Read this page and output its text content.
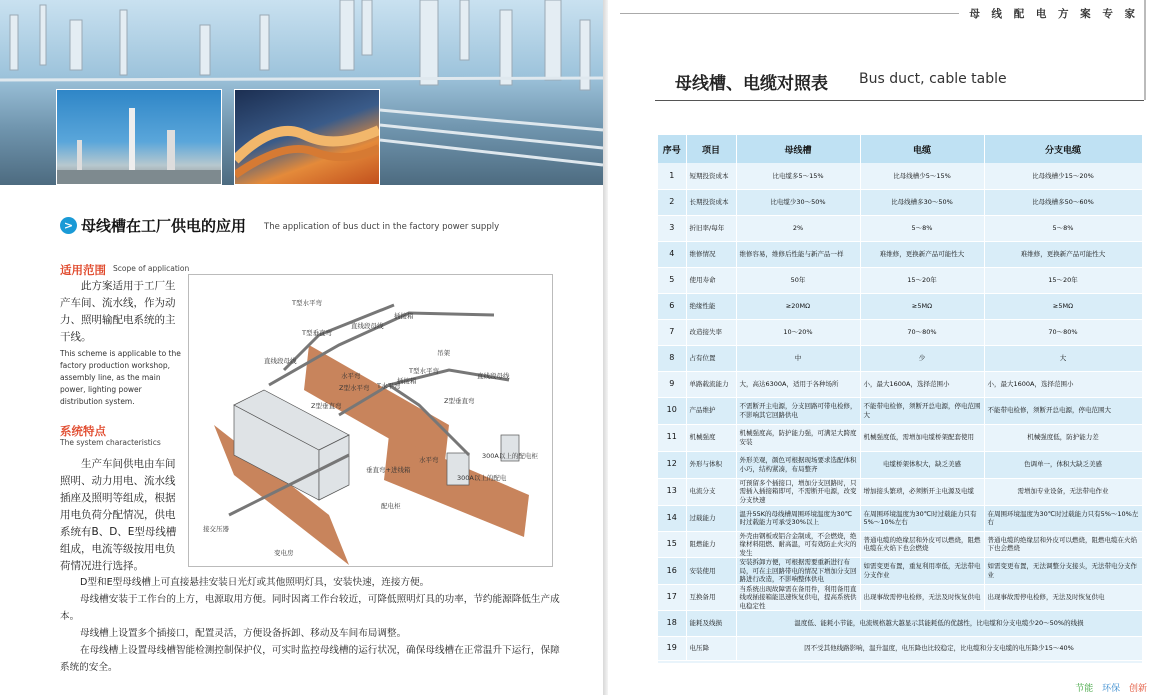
> 母线槽在工厂供电的应用 The application of bus duct in the factory power supply
适用范围 Scope of application
此方案适用于工厂生产车间、流水线，作为动力、照明输配电系统的主干线。
This scheme is applicable to the factory production workshop, assembly line, as the main power, lighting power distribution system.
系统特点
The system characteristics
生产车间供电由车间照明、动力用电、流水线插座及照明等组成，根据用电负荷分配情况，供电系统有B、D、E型母线槽组成，电流等级按用电负荷情况进行选择。
T型水平弯
直线段母线
插接箱
T型垂直弯
直线段母线
吊架
T型水平弯
插接箱
水平弯	直线段母线
Z型水平弯 T水平弯
Z型垂直弯
Z型垂直弯
水平弯	300A以上的配电柜
300A以上的配电
垂直弯+进线箱
配电柜
接交压器
变电房

D型和E型母线槽上可直接悬挂安装日光灯或其他照明灯具，安装快速，连接方便。

母线槽安装于工作台的上方，电源取用方便。同时因离工作台较近，可降低照明灯具的功率，节约能源降低生产成本。

母线槽上设置多个插接口，配置灵活，方便设备拆卸、移动及车间布局调整。

在母线槽上设置母线槽智能检测控制保护仪，可实时监控母线槽的运行状况，确保母线槽在正常温升下运行，保障系统的安全。

母 线 配 电 方 案 专 家
母线槽、电缆对照表 Bus duct, cable table
序号	项目	母线槽	电缆	分支电缆
1	短期投资成本	比电缆多5～15%	比母线槽少5～15%	比母线槽少15～20%
2	长期投资成本	比电缆少30～50%	比母线槽多30～50%	比母线槽多50～60%
3	折旧率/每年	2%	5～8%	5～8%
4	维修情况	维修容易，维修后性能与新产品一样	难维修，更换新产品可能性大	难维修，更换新产品可能性大
5	使用寿命	50年	15～20年	15～20年
6	绝缘性能	≥20MΩ	≥5MΩ	≥5MΩ
7	改造接失率	10～20%	70～80%	70～80%
8	占有位置	中	少	大
9	单路载流能力	大，高达6300A，适用于各种场所	小，最大1600A，选择范围小	小，最大1600A，选择范围小
10	产品维护	不需断开主电源，分支回路可带电检修，不影响其它回路供电	不能带电检修，须断开总电源，停电范围大	不能带电检修，须断开总电源，停电范围大
11	机械强度	机械强度高，防护能力强，可满足大跨度安装	机械强度低，需增加电缆桥架配套使用	机械强度低，防护能力差
12	外形与体积	外形美观，颜色可根据现场要求选配体积小巧，结构紧凑，布局整齐	电缆桥架体积大，缺乏美感	色调单一，体积大缺乏美感
13	电流分支	可预留多个插接口，增加分支回路时，只需插入插接箱即可，不需断开电源，改变分支快速	增加接头繁琐，必须断开主电源及电缆	需增加专业设备，无法带电作业
14	过载能力	温升55K的母线槽周围环境温度为30℃时过载能力可承受30%以上	在周围环境温度为30℃时过载能力只有5%～10%左右	在周围环境温度为30℃时过载能力只有5%～10%左右
15	阻燃能力	外壳由钢板或铝合金制成，不会燃烧，绝缘材料阻燃、耐高温，可有效防止火灾的发生	普通电缆的绝缘层和外皮可以燃烧，阻燃电缆在火焰下也会燃烧	普通电缆的绝缘层和外皮可以燃烧，阻燃电缆在火焰下也会燃烧
16	安装使用	安装拆卸方便，可根据需要重新进行布局，可在主回路带电的情况下增加分支回路进行改造，不影响整体供电	如需变更布置，重复利用率低，无法带电分支作业	如需变更布置，无法调整分支接头，无法带电分支作业
17	互换备用	当系统出现故障需在备用件，利用备用直线或插接箱能迅速恢复供电，提高系统供电稳定性	出现事故需停电检修，无法及时恢复供电	出现事故需停电检修，无法及时恢复供电
18	能耗及线损	温度低、能耗小节能，电流规格越大越显示其能耗低的优越性，比电缆和分支电缆少20～50%的线损		
19	电压降	因不受其他线路影响，温升温度，电压降也比较稳定，比电缆和分支电缆的电压降少15～40%		
节能 环保 创新
